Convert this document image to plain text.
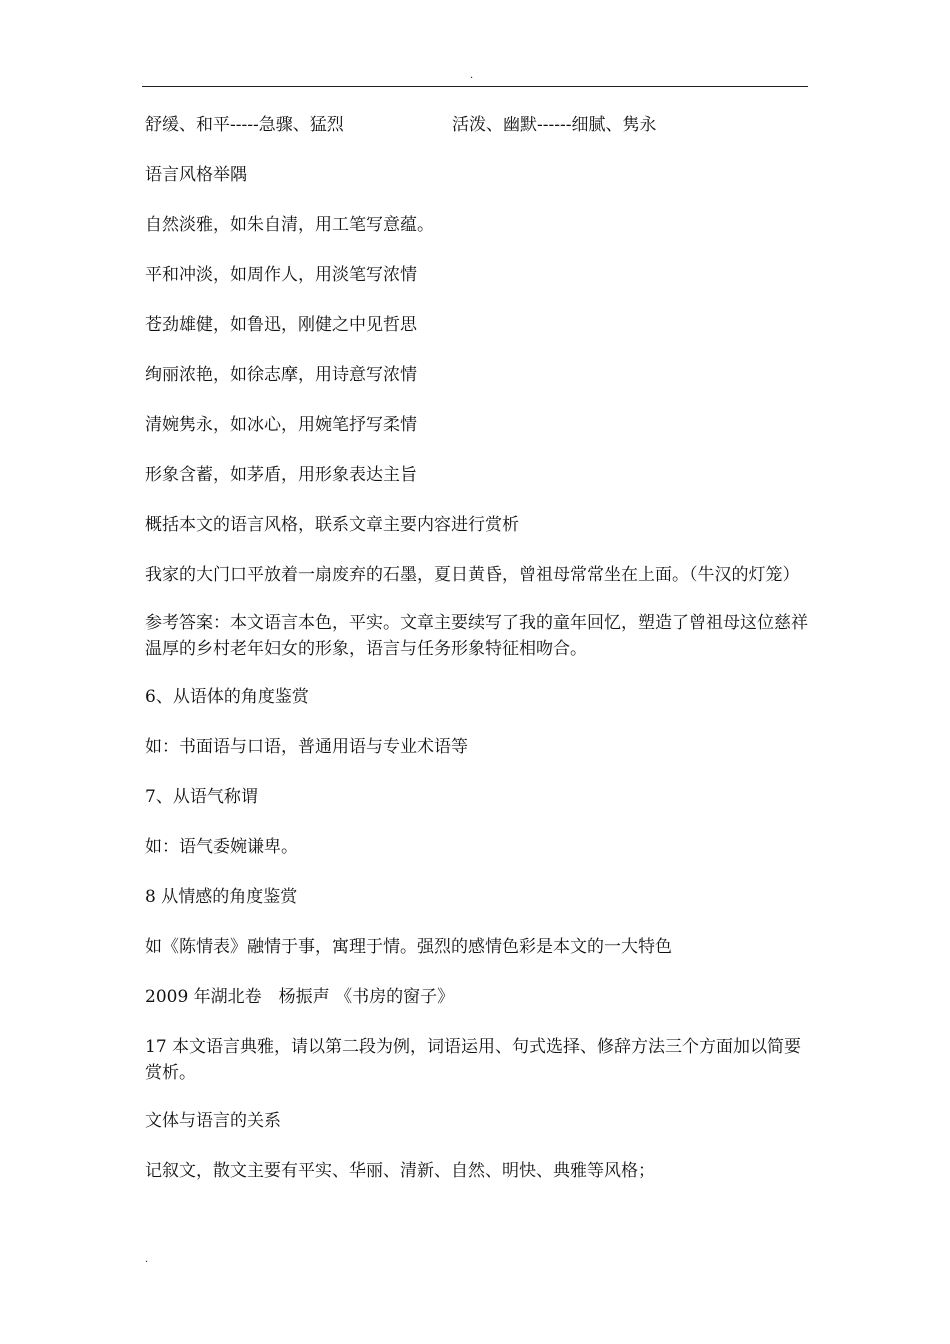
.
舒缓、和平-----急骤、猛烈	活泼、幽默------细腻、隽永

语言风格举隅

自然淡雅，如朱自清，用工笔写意蕴。

平和冲淡，如周作人，用淡笔写浓情

苍劲雄健，如鲁迅，刚健之中见哲思

绚丽浓艳，如徐志摩，用诗意写浓情

清婉隽永，如冰心，用婉笔抒写柔情

形象含蓄，如茅盾，用形象表达主旨

概括本文的语言风格，联系文章主要内容进行赏析

我家的大门口平放着一扇废弃的石墨，夏日黄昏，曾祖母常常坐在上面。（牛汉的灯笼）

参考答案：本文语言本色，平实。文章主要续写了我的童年回忆，塑造了曾祖母这位慈祥温厚的乡村老年妇女的形象，语言与任务形象特征相吻合。

6、从语体的角度鉴赏

如：书面语与口语，普通用语与专业术语等

7、从语气称谓

如：语气委婉谦卑。

8 从情感的角度鉴赏

如《陈情表》融情于事，寓理于情。强烈的感情色彩是本文的一大特色

2009 年湖北卷　杨振声 《书房的窗子》

17 本文语言典雅，请以第二段为例，词语运用、句式选择、修辞方法三个方面加以简要赏析。

文体与语言的关系

记叙文，散文主要有平实、华丽、清新、自然、明快、典雅等风格；

.
